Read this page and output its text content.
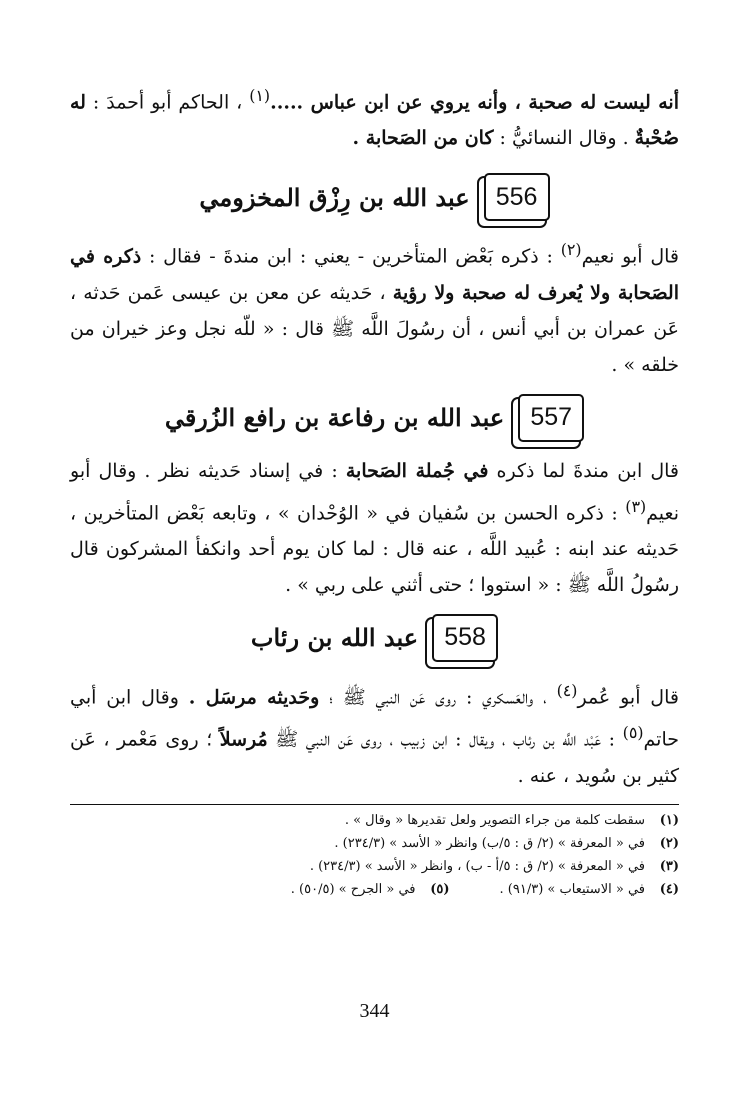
أنه ليست له صحبة ، وأنه يروي عن ابن عباس .....$^{(١)}$ ، الحاكم أبو أحمدَ : له صُحْبةٌ . وقال النسائيُّ : كان من الصَحابة .

556
عبد الله بن رِزْق المخزومي

قال أبو نعيم$^{(٢)}$ : ذكره بَعْض المتأخرين - يعني : ابن مندةَ - فقال : ذكره في الصَحابة ولا يُعرف له صحبة ولا رؤية ، حَديثه عن معن بن عيسى عَمن حَدثه ، عَن عمران بن أبي أنس ، أن رسُولَ اللَّه ﷺ قال : « للّه نجل وعز خيران من خلقه » .

557
عبد الله بن رفاعة بن رافع الزُرقي

قال ابن مندةَ لما ذكره في جُملة الصَحابة : في إسناد حَديثه نظر . وقال أبو نعيم$^{(٣)}$ : ذكره الحسن بن سُفيان في « الوُحْدان » ، وتابعه بَعْض المتأخرين ، حَديثه عند ابنه : عُبيد اللَّه ، عنه قال : لما كان يوم أحد وانكفأ المشركون قال رسُولُ اللَّه ﷺ : « استووا ؛ حتى أثني على ربي » .

558
عبد الله بن رئاب

قال أبو عُمر$^{(٤)}$ ، والعَسكري : روى عَن النبي ﷺ ؛ وحَديثه مرسَل . وقال ابن أبي حاتم$^{(٥)}$ : عَبْد اللَّه بن رئاب ، ويقال : ابن زبيب ، روى عَن النبي ﷺ مُرسلاً ؛ روى مَعْمر ، عَن كثير بن سُويد ، عنه .

(١)
سقطت كلمة من جراء التصوير ولعل تقديرها « وقال » .
(٢)
في « المعرفة » (٢/ ق : ٥/ب) وانظر « الأسد » (٢٣٤/٣) .
(٣)
في « المعرفة » (٢/ ق : ٥/أ - ب) ، وانظر « الأسد » (٢٣٤/٣) .
(٤)
في « الاستيعاب » (٩١/٣) .
(٥)
في « الجرح » (٥٠/٥) .
344
